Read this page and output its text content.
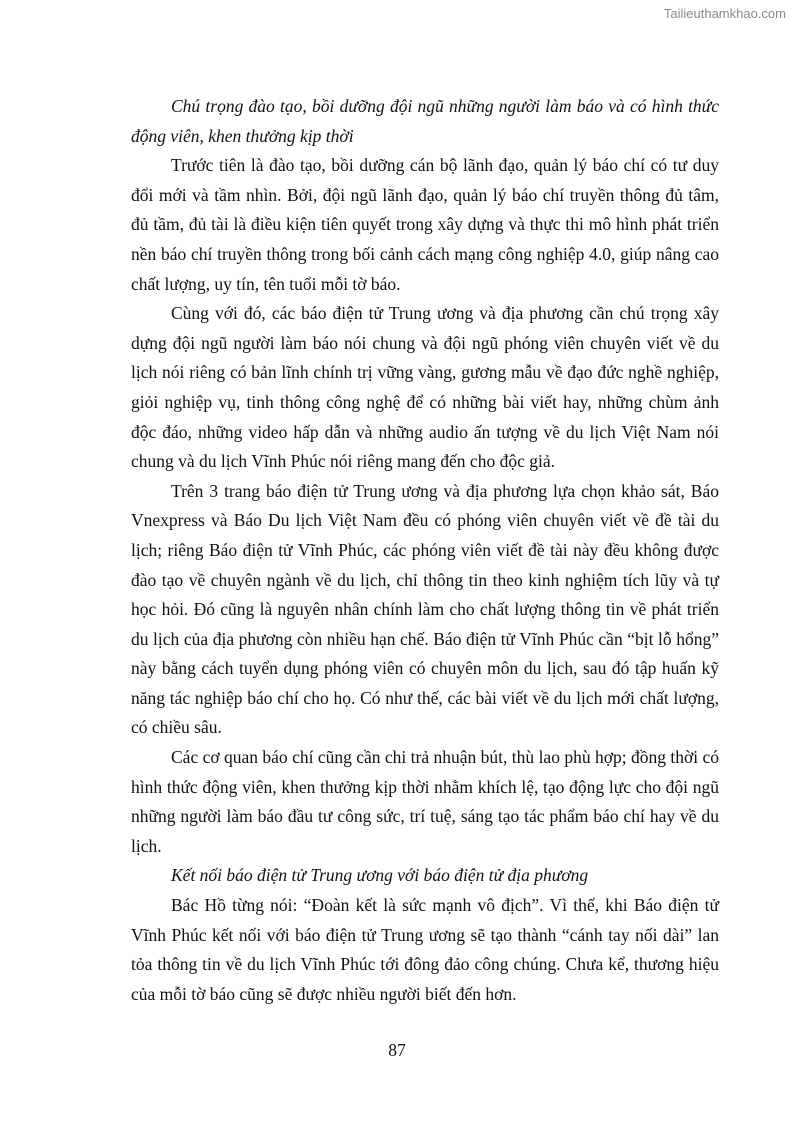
Tailieuthamkhao.com

Chú trọng đào tạo, bồi dưỡng đội ngũ những người làm báo và có hình thức động viên, khen thưởng kịp thời

Trước tiên là đào tạo, bồi dưỡng cán bộ lãnh đạo, quản lý báo chí có tư duy đổi mới và tầm nhìn. Bởi, đội ngũ lãnh đạo, quản lý báo chí truyền thông đủ tâm, đủ tầm, đủ tài là điều kiện tiên quyết trong xây dựng và thực thi mô hình phát triển nền báo chí truyền thông trong bối cảnh cách mạng công nghiệp 4.0, giúp nâng cao chất lượng, uy tín, tên tuổi mỗi tờ báo.

Cùng với đó, các báo điện tử Trung ương và địa phương cần chú trọng xây dựng đội ngũ người làm báo nói chung và đội ngũ phóng viên chuyên viết về du lịch nói riêng có bản lĩnh chính trị vững vàng, gương mẫu về đạo đức nghề nghiệp, giỏi nghiệp vụ, tinh thông công nghệ để có những bài viết hay, những chùm ảnh độc đáo, những video hấp dẫn và những audio ấn tượng về du lịch Việt Nam nói chung và du lịch Vĩnh Phúc nói riêng mang đến cho độc giả.

Trên 3 trang báo điện tử Trung ương và địa phương lựa chọn khảo sát, Báo Vnexpress và Báo Du lịch Việt Nam đều có phóng viên chuyên viết về đề tài du lịch; riêng Báo điện tử Vĩnh Phúc, các phóng viên viết đề tài này đều không được đào tạo về chuyên ngành về du lịch, chỉ thông tin theo kinh nghiệm tích lũy và tự học hỏi. Đó cũng là nguyên nhân chính làm cho chất lượng thông tin về phát triển du lịch của địa phương còn nhiều hạn chế. Báo điện tử Vĩnh Phúc cần “bịt lỗ hổng” này bằng cách tuyển dụng phóng viên có chuyên môn du lịch, sau đó tập huấn kỹ năng tác nghiệp báo chí cho họ. Có như thế, các bài viết về du lịch mới chất lượng, có chiều sâu.

Các cơ quan báo chí cũng cần chi trả nhuận bút, thù lao phù hợp; đồng thời có hình thức động viên, khen thưởng kịp thời nhằm khích lệ, tạo động lực cho đội ngũ những người làm báo đầu tư công sức, trí tuệ, sáng tạo tác phẩm báo chí hay về du lịch.

Kết nối báo điện tử Trung ương với báo điện tử địa phương

Bác Hồ từng nói: “Đoàn kết là sức mạnh vô địch”. Vì thế, khi Báo điện tử Vĩnh Phúc kết nối với báo điện tử Trung ương sẽ tạo thành “cánh tay nối dài” lan tỏa thông tin về du lịch Vĩnh Phúc tới đông đảo công chúng. Chưa kể, thương hiệu của mỗi tờ báo cũng sẽ được nhiều người biết đến hơn.

87
